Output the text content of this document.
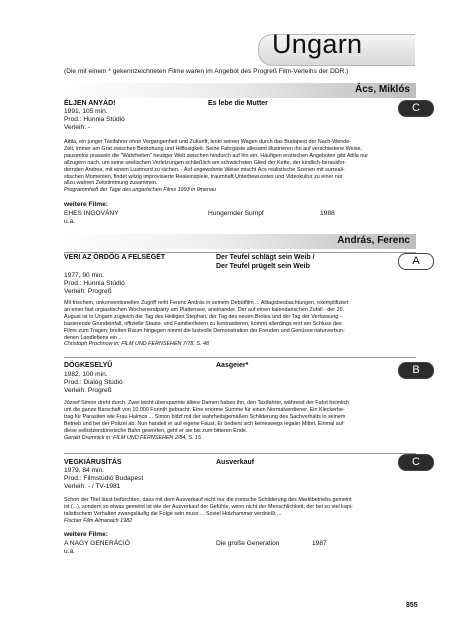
Ungarn
(Die mit einem * gekennzeichneten Filme waren im Angebot des Progreß Film-Verleihs der DDR.)
Ács, Miklós
ÉLJEN ANYÁD!	Es lebe die Mutter	C
1991, 105 min.
Prod.: Hunnia Stúdió
Verleih: -
Attila, ein junger Taxifahrer ohne Vergangenheit und Zukunft, lenkt seinen Wagen durch das Budapest der Nach-Wende-
Zeit, immer am Grat zwischen Bedrohung und Hilflosigkeit. Seine Fahrgäste allesamt illustrieren ihn auf verschiedene Weise,
pausenlos prasseln die "Wahrheiten" heutiger Welt zwischen hindurch auf ihn ein. Häufigen erotischen Angeboten gibt Attila nur
allzugern nach, um seine seelischen Verletzungen schließlich am schwächsten Glied der Kette, der kindlich-herausfor-
dernden Andrea, mit einem Lustmord zu rächen. - Auf ungewohnte Weise mischt Ács realistische Szenen mit surreali-
stischen Momenten, findet witzig improvisierte Realeinspiele, traumhaft Unterbewusstes und Videokultur zu einer nur
allzu wahren Zeitstimmung zusammen.
Programmheft der Tage des ungarischen Films 1993 in Ilmenau
weitere Filme:
EHES INGOVÁNY	Hungernder Sumpf	1988
u.a.
András, Ferenc
VERI AZ ÖRDÖG A FELSÉGÉT	Der Teufel schlägt sein Weib /
Der Teufel prügelt sein Weib	A
1977, 90 min.
Prod.: Hunnia Stúdió
Verleih: Progreß
Mit frischem, unkonventionellen Zugriff reiht Ferenc András in seinem Debütfilm ... Alltagsbeobachtungen, exemplifiziert
an einer fast orgiastischen Wochenendparty am Plattensee, aneinander. Der auf einen kalendarischen Zufall - der 20.
August ist in Ungarn zugleich der Tag des Heiligen Stephan, der Tag des neuen Brotes und der Tag der Verfassung -
basierende Grundeinfall, offizielle Staats- und Familienfeiern zu kontrastieren, kommt allerdings erst am Schluss des
Films zum Tragen; breiten Raum hingegen nimmt die lustvolle Demonstration der Freuden und Genüsse naturverbun-
denen Landlebens ein ...
Christoph Prochnow in: FILM UND FERNSEHEN 7/78, S. 48
DÖGKESELYŰ	Aasgeier*	B
1982, 100 min.
Prod.: Dialóg Stúdió
Verleih: Progreß
József Simon dreht durch. Zwei leicht überspannte ältere Damen haben ihn, den Taxifahrer, während der Fahrt heimlich
um die ganze Barschaft von 10.000 Forinth gebracht. Eine enorme Summe für einen Normalverdiener. Ein Kleckerbe-
trag für Parasiten wie Frau Halmos ... Simon blitzt mit der wahrheitsgemäßen Schilderung des Sachverhalts in seinem
Betrieb und bei der Polizei ab. Nun handelt er auf eigene Faust. Er bedient sich keineswegs legaler Mittel. Einmal auf
diese selbstzerstörerische Bahn geworfen, geht er sie bis zum bitteren Ende.
Gerald Drumnick in: FILM UND FERNSEHEN 2/84, S. 15
VEGKIÁRUSÍTÁS	Ausverkauf	C
1979, 84 min.
Prod.: Filmstúdió Budapest
Verleih: - / TV-1981
Schon der Titel lässt befürchten, dass mit dem Ausverkauf nicht nur die ironische Schilderung des Marktbetriebs gemeint
ist (...), sondern so etwas gemeint ist wie der Ausverkauf der Gefühle, wenn nicht der Menschlichkeit, der bei so viel kapi-
talistischem Verhalten zwangsläufig die Folge sein muss ... Soviel Holzhammer verdrießt ...
Fischer Film Almanach 1982
weitere Filme:
A NAGY GENERÁCIÓ	Die große Generation	1987
u.a.
855
